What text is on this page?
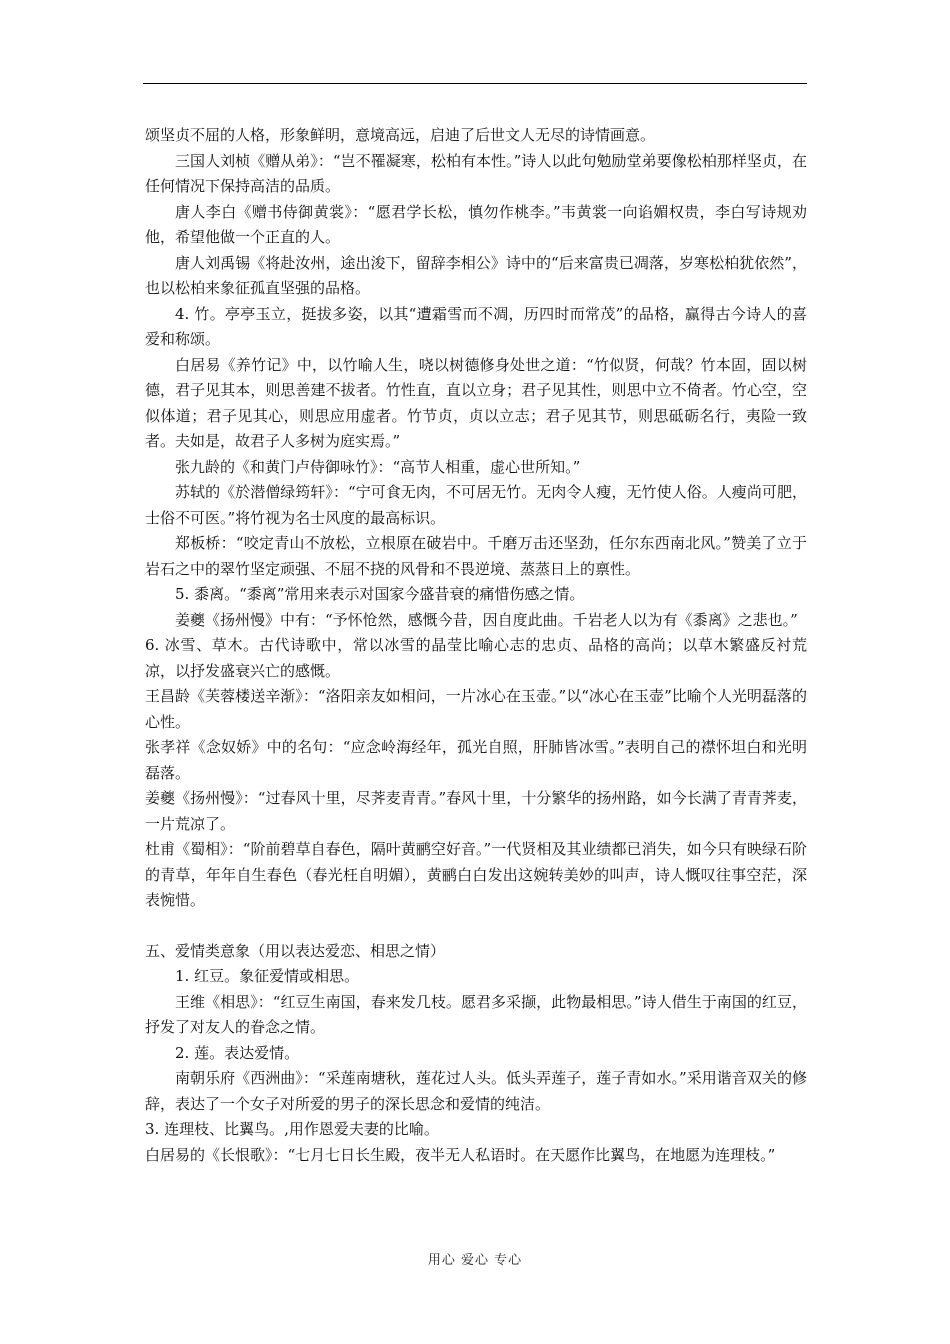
颂坚贞不屈的人格，形象鲜明，意境高远，启迪了后世文人无尽的诗情画意。

三国人刘桢《赠从弟》：“岂不罹凝寒，松柏有本性。”诗人以此句勉励堂弟要像松柏那样坚贞，在任何情况下保持高洁的品质。

唐人李白《赠书侍御黄裳》：“愿君学长松，慎勿作桃李。”韦黄裳一向谄媚权贵，李白写诗规劝他，希望他做一个正直的人。

唐人刘禹锡《将赴汝州，途出浚下，留辞李相公》诗中的“后来富贵已凋落，岁寒松柏犹依然”，也以松柏来象征孤直坚强的品格。

4. 竹。亭亭玉立，挺拔多姿，以其“遭霜雪而不凋，历四时而常茂”的品格，赢得古今诗人的喜爱和称颂。

白居易《养竹记》中，以竹喻人生，哓以树德修身处世之道：“竹似贤，何哉？竹本固，固以树德，君子见其本，则思善建不拔者。竹性直，直以立身；君子见其性，则思中立不倚者。竹心空，空似体道；君子见其心，则思应用虚者。竹节贞，贞以立志；君子见其节，则思砥砺名行，夷险一致者。夫如是，故君子人多树为庭实焉。”

张九龄的《和黄门卢侍御咏竹》：“高节人相重，虚心世所知。”

苏轼的《於潜僧绿筠轩》：“宁可食无肉，不可居无竹。无肉令人瘦，无竹使人俗。人瘦尚可肥，士俗不可医。”将竹视为名士风度的最高标识。

郑板桥：“咬定青山不放松，立根原在破岩中。千磨万击还坚劲，任尔东西南北风。”赞美了立于岩石之中的翠竹坚定顽强、不屈不挠的风骨和不畏逆境、蒸蒸日上的禀性。

5. 黍离。“黍离”常用来表示对国家今盛昔衰的痛惜伤感之情。

姜夔《扬州慢》中有：“予怀怆然，感慨今昔，因自度此曲。千岩老人以为有《黍离》之悲也。”

6. 冰雪、草木。古代诗歌中，常以冰雪的晶莹比喻心志的忠贞、品格的高尚；以草木繁盛反衬荒凉，以抒发盛衰兴亡的感慨。

王昌龄《芙蓉楼送辛渐》：“洛阳亲友如相问，一片冰心在玉壶。”以“冰心在玉壶”比喻个人光明磊落的心性。

张孝祥《念奴娇》中的名句：“应念岭海经年，孤光自照，肝肺皆冰雪。”表明自己的襟怀坦白和光明磊落。

姜夔《扬州慢》：“过春风十里，尽荠麦青青。”春风十里，十分繁华的扬州路，如今长满了青青荠麦，一片荒凉了。

杜甫《蜀相》：“阶前碧草自春色，隔叶黄鹂空好音。”一代贤相及其业绩都已消失，如今只有映绿石阶的青草，年年自生春色（春光枉自明媚），黄鹂白白发出这婉转美妙的叫声，诗人慨叹往事空茫，深表惋惜。

五、爱情类意象（用以表达爱恋、相思之情）

1. 红豆。象征爱情或相思。

王维《相思》：“红豆生南国，春来发几枝。愿君多采撷，此物最相思。”诗人借生于南国的红豆，抒发了对友人的眷念之情。

2. 莲。表达爱情。

南朝乐府《西洲曲》：“采莲南塘秋，莲花过人头。低头弄莲子，莲子青如水。”采用谐音双关的修辞，表达了一个女子对所爱的男子的深长思念和爱情的纯洁。

3. 连理枝、比翼鸟。,用作恩爱夫妻的比喻。

白居易的《长恨歌》：“七月七日长生殿，夜半无人私语时。在天愿作比翼鸟，在地愿为连理枝。”

用心 爱心 专心
